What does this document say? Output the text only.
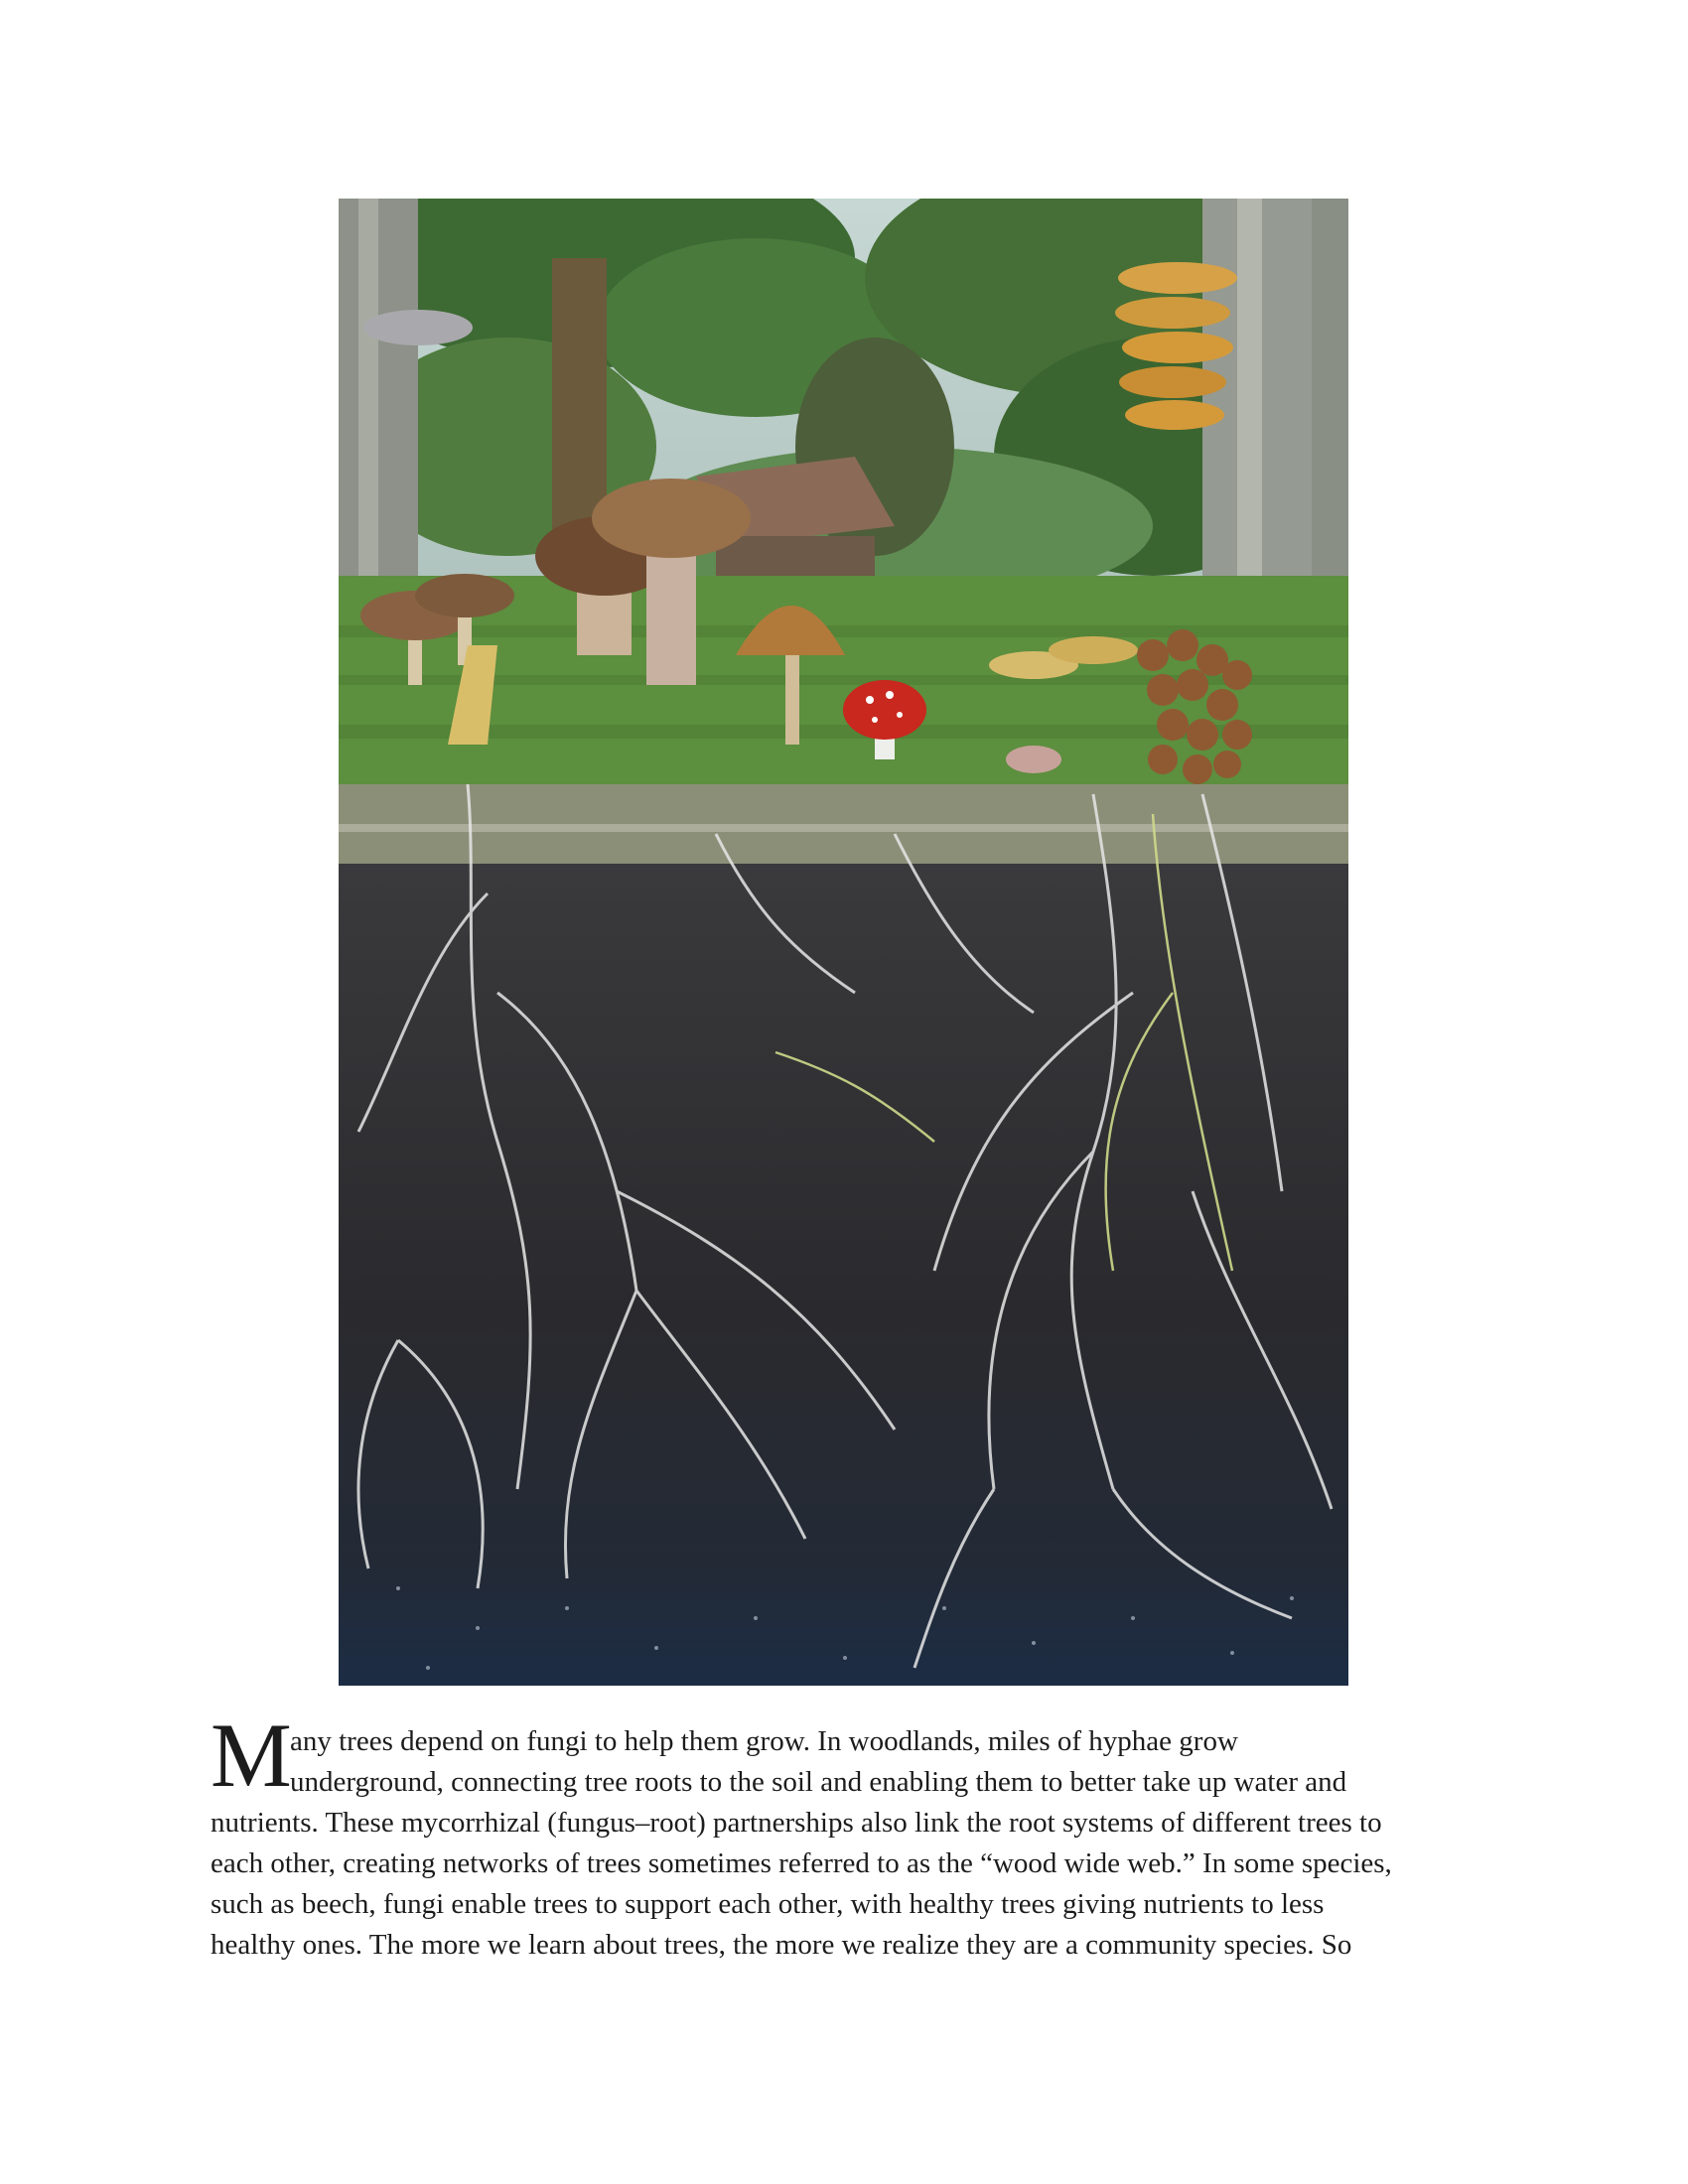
M
any trees depend on fungi to help them grow. In woodlands, miles of hyphae grow
underground, connecting tree roots to the soil and enabling them to better take up water and
nutrients. These mycorrhizal (fungus–root) partnerships also link the root systems of different trees to
each other, creating networks of trees sometimes referred to as the “wood wide web.” In some species,
such as beech, fungi enable trees to support each other, with healthy trees giving nutrients to less
healthy ones. The more we learn about trees, the more we realize they are a community species. So
